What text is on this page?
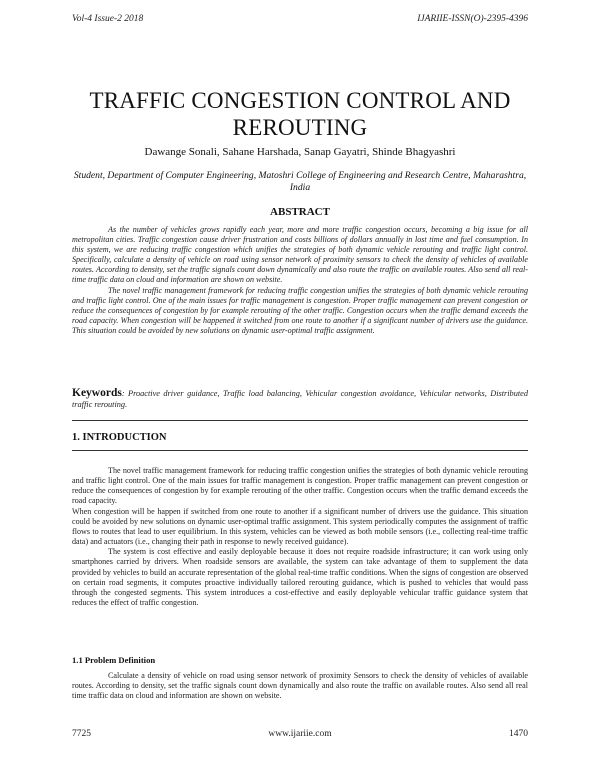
Vol-4 Issue-2 2018	IJARIIE-ISSN(O)-2395-4396
TRAFFIC CONGESTION CONTROL AND REROUTING
Dawange Sonali, Sahane Harshada, Sanap Gayatri, Shinde Bhagyashri
Student, Department of Computer Engineering, Matoshri College of Engineering and Research Centre, Maharashtra, India
ABSTRACT

As the number of vehicles grows rapidly each year, more and more traffic congestion occurs, becoming a big issue for all metropolitan cities. Traffic congestion cause driver frustration and costs billions of dollars annually in lost time and fuel consumption. In this system, we are reducing traffic congestion which unifies the strategies of both dynamic vehicle rerouting and traffic light control. Specifically, calculate a density of vehicle on road using sensor network of proximity sensors to check the density of vehicles of available routes. According to density, set the traffic signals count down dynamically and also route the traffic on available routes. Also send all real-time traffic data on cloud and information are shown on website.

The novel traffic management framework for reducing traffic congestion unifies the strategies of both dynamic vehicle rerouting and traffic light control. One of the main issues for traffic management is congestion. Proper traffic management can prevent congestion or reduce the consequences of congestion by for example rerouting of the other traffic. Congestion occurs when the traffic demand exceeds the road capacity. When congestion will be happened it switched from one route to another if a significant number of drivers use the guidance. This situation could be avoided by new solutions on dynamic user-optimal traffic assignment.

Keywords: Proactive driver guidance, Traffic load balancing, Vehicular congestion avoidance, Vehicular networks, Distributed traffic rerouting.
1. INTRODUCTION

The novel traffic management framework for reducing traffic congestion unifies the strategies of both dynamic vehicle rerouting and traffic light control. One of the main issues for traffic management is congestion. Proper traffic management can prevent congestion or reduce the consequences of congestion by for example rerouting of the other traffic. Congestion occurs when the traffic demand exceeds the road capacity.

When congestion will be happen if switched from one route to another if a significant number of drivers use the guidance. This situation could be avoided by new solutions on dynamic user-optimal traffic assignment. This system periodically computes the assignment of traffic flows to routes that lead to user equilibrium. In this system, vehicles can be viewed as both mobile sensors (i.e., collecting real-time traffic data) and actuators (i.e., changing their path in response to newly received guidance).

The system is cost effective and easily deployable because it does not require roadside infrastructure; it can work using only smartphones carried by drivers. When roadside sensors are available, the system can take advantage of them to supplement the data provided by vehicles to build an accurate representation of the global real-time traffic conditions. When the signs of congestion are observed on certain road segments, it computes proactive individually tailored rerouting guidance, which is pushed to vehicles that would pass through the congested segments. This system introduces a cost-effective and easily deployable vehicular traffic guidance system that reduces the effect of traffic congestion.

1.1 Problem Definition

Calculate a density of vehicle on road using sensor network of proximity Sensors to check the density of vehicles of available routes. According to density, set the traffic signals count down dynamically and also route the traffic on available routes. Also send all real time traffic data on cloud and information are shown on website.

7725	www.ijariie.com	1470
